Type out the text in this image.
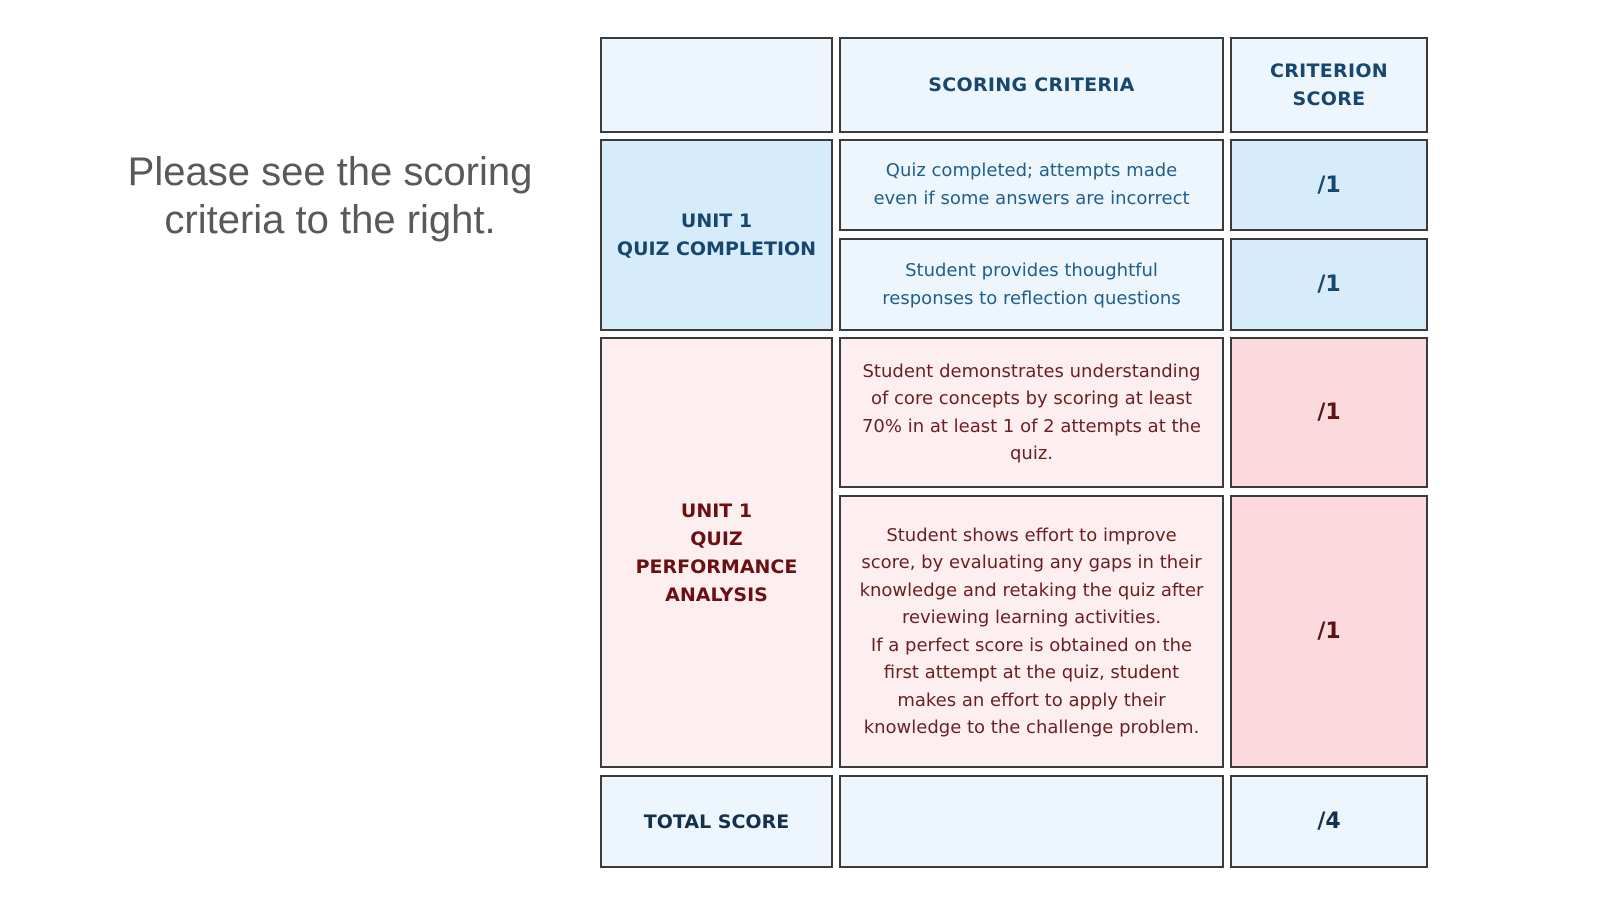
Please see the scoring
criteria to the right.
SCORING CRITERIA
CRITERION
SCORE
UNIT 1
QUIZ COMPLETION
Quiz completed; attempts made
even if some answers are incorrect
/1
Student provides thoughtful
responses to reflection questions
/1
UNIT 1
QUIZ
PERFORMANCE
ANALYSIS
Student demonstrates understanding
of core concepts by scoring at least
70% in at least 1 of 2 attempts at the
quiz.
/1
Student shows effort to improve
score, by evaluating any gaps in their
knowledge and retaking the quiz after
reviewing learning activities.
If a perfect score is obtained on the
first attempt at the quiz, student
makes an effort to apply their
knowledge to the challenge problem.
/1
TOTAL SCORE	/4
